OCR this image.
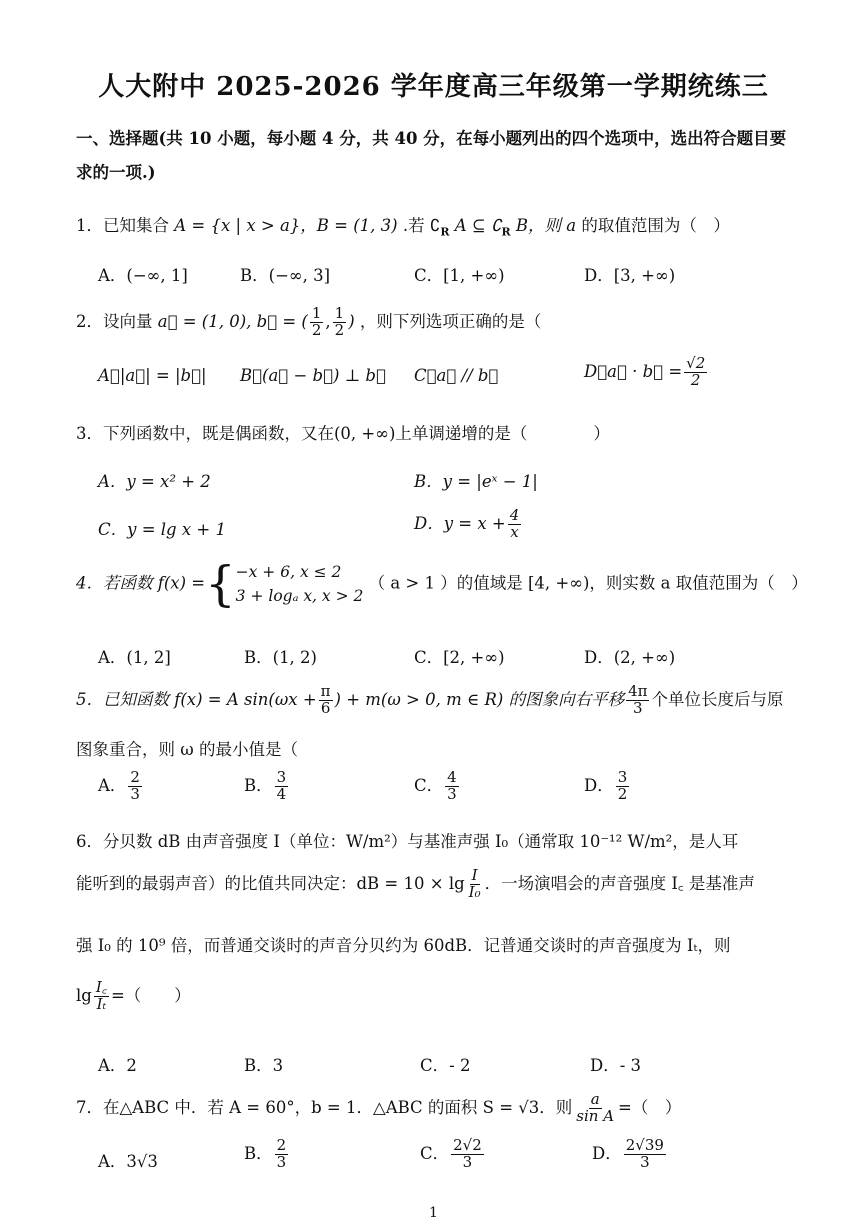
人大附中 2025-2026 学年度高三年级第一学期统练三
一、选择题(共 10 小题，每小题 4 分，共 40 分，在每小题列出的四个选项中，选出符合题目要求的一项.)
1．已知集合 A = {x | x > a}，B = (1, 3) .若 $∁_R$ A ⊆ $∁_R$ B，则 a 的取值范围为（　）
A．(−∞, 1]	B．(−∞, 3]	C．[1, +∞)	D．[3, +∞)
2．设向量 a⃗ = (1, 0), b⃗ = ( $\frac{1}{2}$ , $\frac{1}{2}$ ) ，则下列选项正确的是（
A．|a⃗| = |b⃗| B．(a⃗ − b⃗) ⊥ b⃗ C．a⃗ // b⃗	D．a⃗ · b⃗ = $\frac{√2}{2}$
3．下列函数中，既是偶函数，又在(0, +∞)上单调递增的是（　　　　）
A．y = x² + 2	B．y = |eˣ − 1|
C．y = lg x + 1	D．$y = x + \frac{4}{x}$
4．若函数 f(x) ={ −x + 6, x ≤ 2
3 + logₐ x, x > 2
（ a > 1 ）的值域是 [4, +∞)，则实数 a 取值范围为（　）
A．(1, 2]	B．(1, 2)	C．[2, +∞)	D．(2, +∞)
5．已知函数 f(x) = A $\sin(\omega x + \frac{\pi}{6}$ ) + m(ω > 0, m ∈ R) 的图象向右平移 $\frac{4\pi}{3}$ 个单位长度后与原
图象重合，则 ω 的最小值是（
A． $\frac{2}{3}$	B． $\frac{3}{4}$	C． $\frac{4}{3}$	D． $\frac{3}{2}$
6．分贝数 dB 由声音强度 I（单位：W/m²）与基准声强 I₀（通常取 10⁻¹² W/m²，是人耳
能听到的最弱声音）的比值共同决定：dB = $10 \times \lg \frac{I}{\text{I₀}}$ ．一场演唱会的声音强度 I꜀ 是基准声
强 I₀ 的 10⁹ 倍，而普通交谈时的声音分贝约为 60dB．记普通交谈时的声音强度为 Iₜ，则
$\lg \frac{I꜀}{\text{Iₜ}}$ =（　　）
A．2	B．3	C．- 2	D．- 3
7．在△ABC 中．若 A = 60°，b = 1．△ABC 的面积 S = √3．则 $\frac{a}{\text{sin A}}$ =（　）
A．3√3	B． $\frac{2}{3}$	C． $\frac{2√2}{3}$	D． $\frac{2√39}{3}$
1
